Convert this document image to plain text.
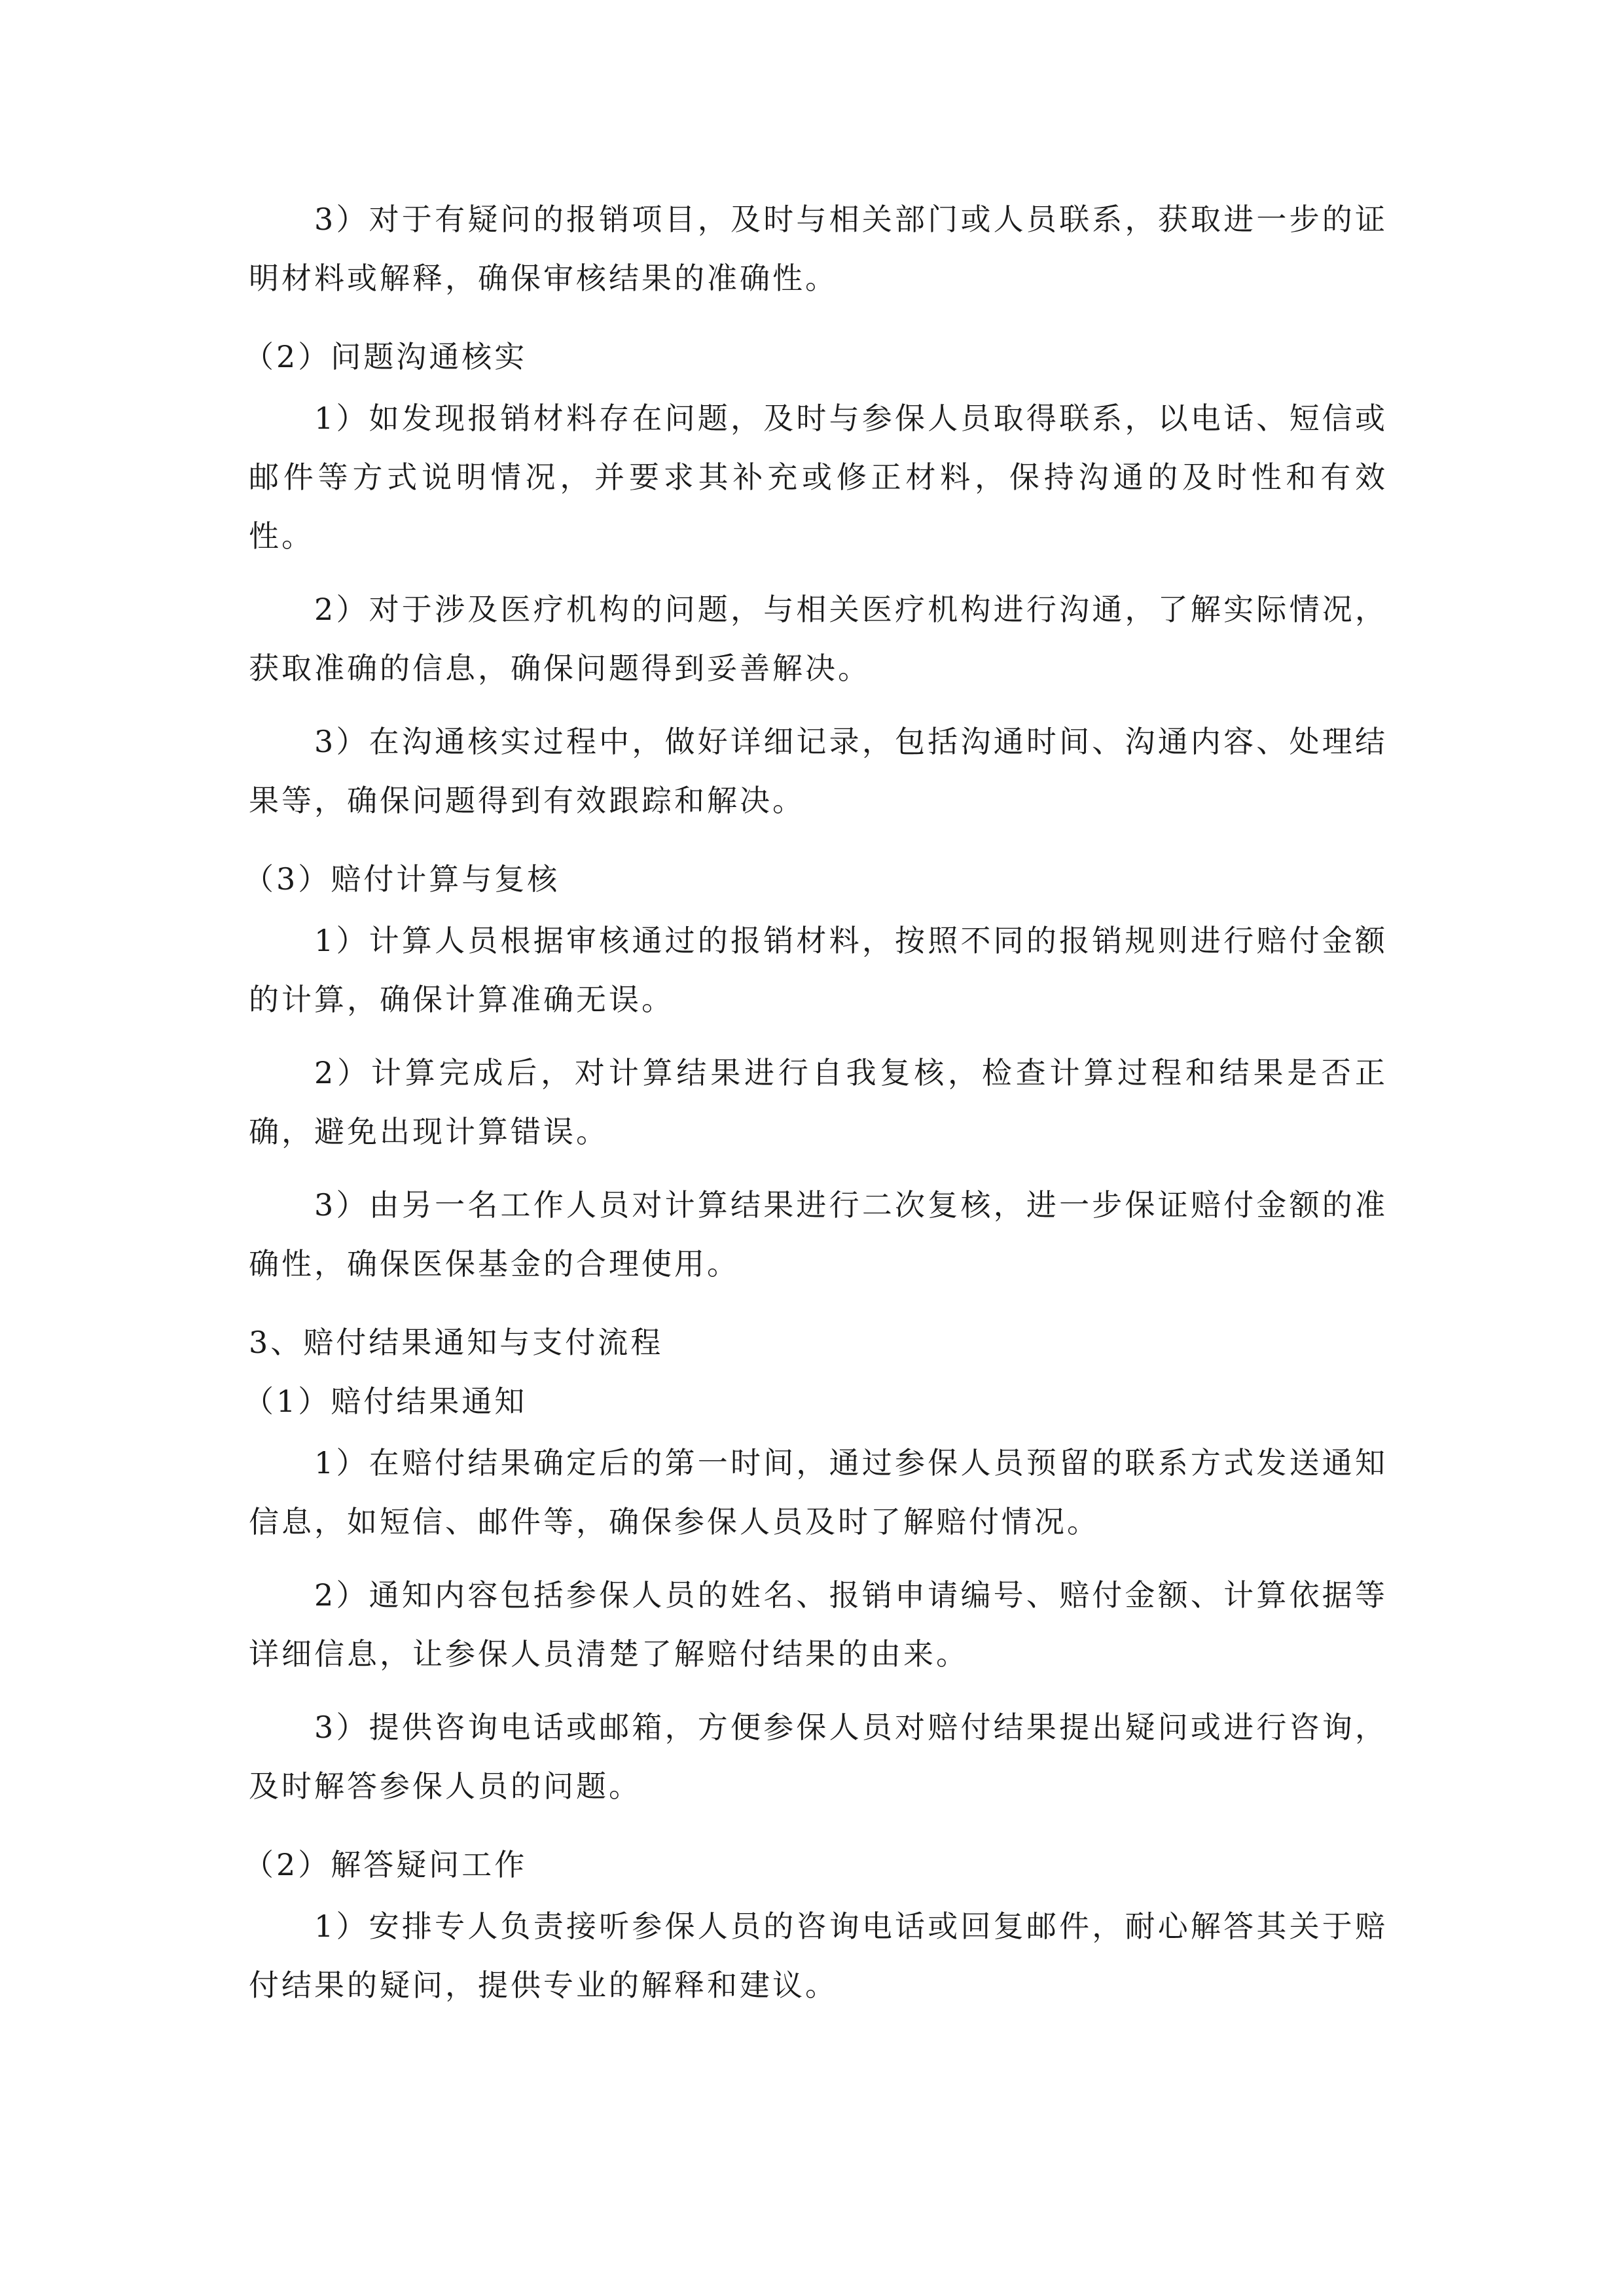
3）对于有疑问的报销项目，及时与相关部门或人员联系，获取进一步的证明材料或解释，确保审核结果的准确性。

（2）问题沟通核实

1）如发现报销材料存在问题，及时与参保人员取得联系，以电话、短信或邮件等方式说明情况，并要求其补充或修正材料，保持沟通的及时性和有效性。

2）对于涉及医疗机构的问题，与相关医疗机构进行沟通，了解实际情况，获取准确的信息，确保问题得到妥善解决。

3）在沟通核实过程中，做好详细记录，包括沟通时间、沟通内容、处理结果等，确保问题得到有效跟踪和解决。

（3）赔付计算与复核

1）计算人员根据审核通过的报销材料，按照不同的报销规则进行赔付金额的计算，确保计算准确无误。

2）计算完成后，对计算结果进行自我复核，检查计算过程和结果是否正确，避免出现计算错误。

3）由另一名工作人员对计算结果进行二次复核，进一步保证赔付金额的准确性，确保医保基金的合理使用。

3、赔付结果通知与支付流程

（1）赔付结果通知

1）在赔付结果确定后的第一时间，通过参保人员预留的联系方式发送通知信息，如短信、邮件等，确保参保人员及时了解赔付情况。

2）通知内容包括参保人员的姓名、报销申请编号、赔付金额、计算依据等详细信息，让参保人员清楚了解赔付结果的由来。

3）提供咨询电话或邮箱，方便参保人员对赔付结果提出疑问或进行咨询，及时解答参保人员的问题。

（2）解答疑问工作

1）安排专人负责接听参保人员的咨询电话或回复邮件，耐心解答其关于赔付结果的疑问，提供专业的解释和建议。
